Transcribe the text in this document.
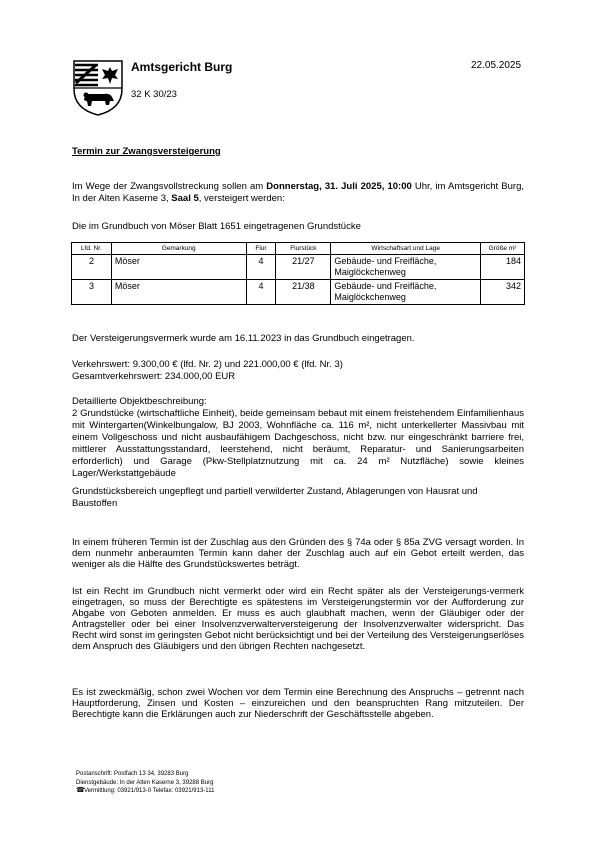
Amtsgericht Burg
32 K 30/23
22.05.2025
Termin zur Zwangsversteigerung
Im Wege der Zwangsvollstreckung sollen am Donnerstag, 31. Juli 2025, 10:00 Uhr, im Amtsgericht Burg, In der Alten Kaserne 3, Saal 5, versteigert werden:
Die im Grundbuch von Möser Blatt 1651 eingetragenen Grundstücke
Lfd. Nr.	Gemarkung	Flur	Flurstück	Wirtschaftsart und Lage	Größe m²
2	Möser	4	21/27	Gebäude- und Freifläche, Maiglöckchenweg	184
3	Möser	4	21/38	Gebäude- und Freifläche, Maiglöckchenweg	342
Der Versteigerungsvermerk wurde am 16.11.2023 in das Grundbuch eingetragen.
Verkehrswert: 9.300,00 € (lfd. Nr. 2) und 221.000,00 € (lfd. Nr. 3)
Gesamtverkehrswert: 234.000,00 EUR
Detaillierte Objektbeschreibung:
2 Grundstücke (wirtschaftliche Einheit), beide gemeinsam bebaut mit einem freistehendem Einfamilienhaus mit Wintergarten(Winkelbungalow, BJ 2003, Wohnfläche ca. 116 m², nicht unterkellerter Massivbau mit einem Vollgeschoss und nicht ausbaufähigem Dachgeschoss, nicht bzw. nur eingeschränkt barriere frei, mittlerer Ausstattungsstandard, leerstehend, nicht beräumt, Reparatur- und Sanierungsarbeiten erforderlich) und Garage (Pkw-Stellplatznutzung mit ca. 24 m² Nutzfläche) sowie kleines Lager/Werkstattgebäude
Grundstücksbereich ungepflegt und partiell verwilderter Zustand, Ablagerungen von Hausrat und Baustoffen
In einem früheren Termin ist der Zuschlag aus den Gründen des § 74a oder § 85a ZVG versagt worden. In dem nunmehr anberaumten Termin kann daher der Zuschlag auch auf ein Gebot erteilt werden, das weniger als die Hälfte des Grundstückswertes beträgt.
Ist ein Recht im Grundbuch nicht vermerkt oder wird ein Recht später als der Versteigerungs-vermerk eingetragen, so muss der Berechtigte es spätestens im Versteigerungstermin vor der Aufforderung zur Abgabe von Geboten anmelden. Er muss es auch glaubhaft machen, wenn der Gläubiger oder der Antragsteller oder bei einer Insolvenzverwalterversteigerung der Insolvenzverwalter widerspricht. Das Recht wird sonst im geringsten Gebot nicht berücksichtigt und bei der Verteilung des Versteigerungserlöses dem Anspruch des Gläubigers und den übrigen Rechten nachgesetzt.
Es ist zweckmäßig, schon zwei Wochen vor dem Termin eine Berechnung des Anspruchs – getrennt nach Hauptforderung, Zinsen und Kosten – einzureichen und den beanspruchten Rang mitzuteilen. Der Berechtigte kann die Erklärungen auch zur Niederschrift der Geschäftsstelle abgeben.
Postanschrift: Postfach 13 34, 39283 Burg
Dienstgebäude: In der Alten Kaserne 3, 39288 Burg
☎Vermittlung: 03921/913-0 Telefax: 03921/913-111
